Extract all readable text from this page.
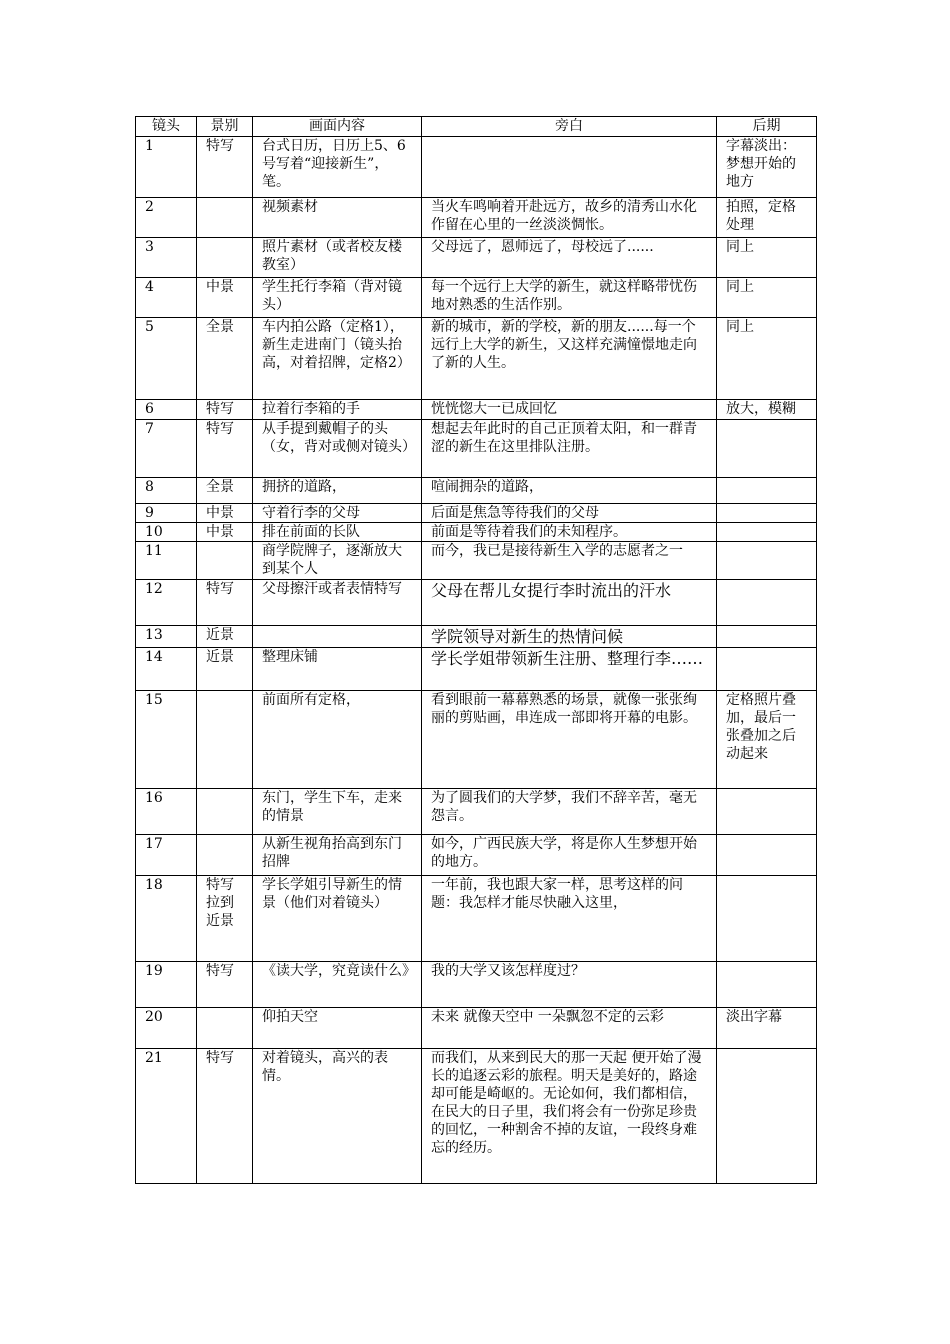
镜头	景别	画面内容	旁白	后期
1	特写	台式日历，日历上5、6号写着“迎接新生”，笔。		字幕淡出：梦想开始的地方
2		视频素材	当火车鸣响着开赴远方，故乡的清秀山水化作留在心里的一丝淡淡惆怅。	拍照，定格处理
3		照片素材（或者校友楼教室）	父母远了，恩师远了，母校远了......	同上
4	中景	学生托行李箱（背对镜头）	每一个远行上大学的新生，就这样略带忧伤地对熟悉的生活作别。	同上
5	全景	车内拍公路（定格1），新生走进南门（镜头抬高，对着招牌，定格2）	新的城市，新的学校，新的朋友......每一个远行上大学的新生，又这样充满憧憬地走向了新的人生。	同上
6	特写	拉着行李箱的手	恍恍惚大一已成回忆	放大，模糊
7	特写	从手提到戴帽子的头（女，背对或侧对镜头）	想起去年此时的自己正顶着太阳，和一群青涩的新生在这里排队注册。	
8	全景	拥挤的道路，	喧闹拥杂的道路，	
9	中景	守着行李的父母	后面是焦急等待我们的父母	
10	中景	排在前面的长队	前面是等待着我们的未知程序。	
11		商学院牌子，逐渐放大到某个人	而今，我已是接待新生入学的志愿者之一	
12	特写	父母擦汗或者表情特写	父母在帮儿女提行李时流出的汗水	
13	近景		学院领导对新生的热情问候	
14	近景	整理床铺	学长学姐带领新生注册、整理行李……	
15		前面所有定格，	看到眼前一幕幕熟悉的场景，就像一张张绚丽的剪贴画，串连成一部即将开幕的电影。	定格照片叠加，最后一张叠加之后动起来
16		东门，学生下车，走来的情景	为了圆我们的大学梦，我们不辞辛苦，毫无怨言。	
17		从新生视角抬高到东门招牌	如今，广西民族大学，将是你人生梦想开始的地方。	
18	特写拉到近景	学长学姐引导新生的情景（他们对着镜头）	一年前，我也跟大家一样，思考这样的问题：我怎样才能尽快融入这里，	
19	特写	《读大学，究竟读什么》	我的大学又该怎样度过？	
20		仰拍天空	未来 就像天空中 一朵飘忽不定的云彩	淡出字幕
21	特写	对着镜头，高兴的表情。	而我们，从来到民大的那一天起 便开始了漫长的追逐云彩的旅程。明天是美好的，路途却可能是崎岖的。无论如何，我们都相信，在民大的日子里，我们将会有一份弥足珍贵的回忆，一种割舍不掉的友谊，一段终身难忘的经历。	
